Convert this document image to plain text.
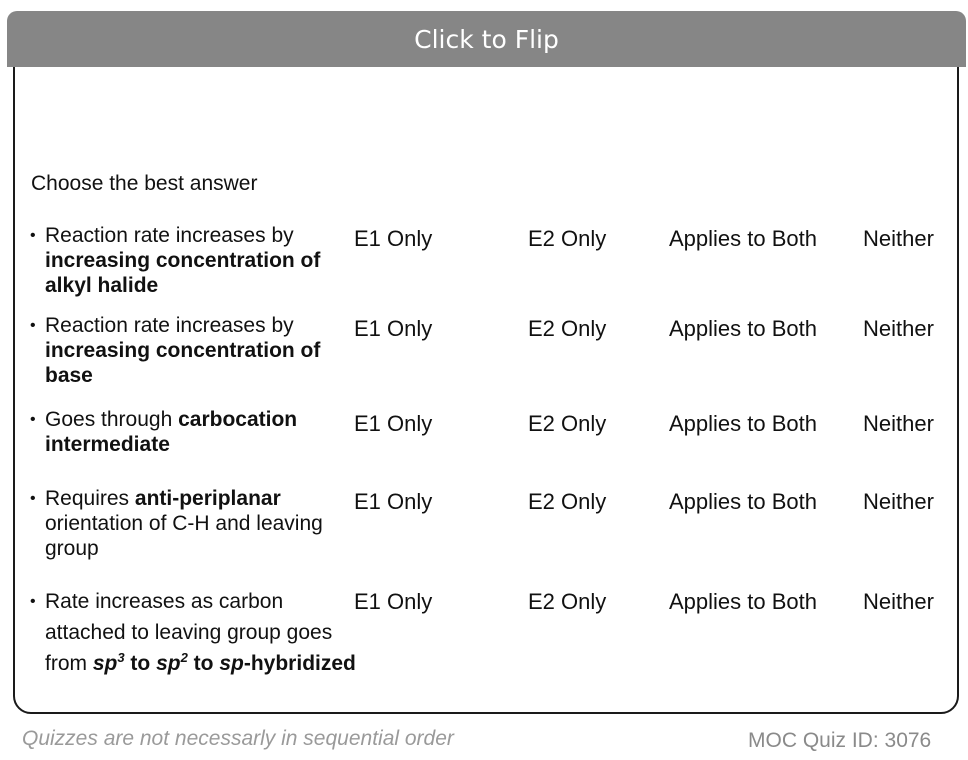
Click to Flip
Choose the best answer
• Reaction rate increases by increasing concentration of alkyl halide
E1 Only	E2 Only	Applies to Both Neither
• Reaction rate increases by increasing concentration of base
E1 Only	E2 Only	Applies to Both Neither
• Goes through carbocation intermediate
E1 Only	E2 Only	Applies to Both Neither
• Requires anti-periplanar orientation of C-H and leaving group
E1 Only	E2 Only	Applies to Both Neither
• Rate increases as carbon attached to leaving group goes from $sp^3$ to $sp^2$ to sp-hybridized
E1 Only	E2 Only	Applies to Both Neither
Quizzes are not necessarly in sequential order	MOC Quiz ID: 3076
